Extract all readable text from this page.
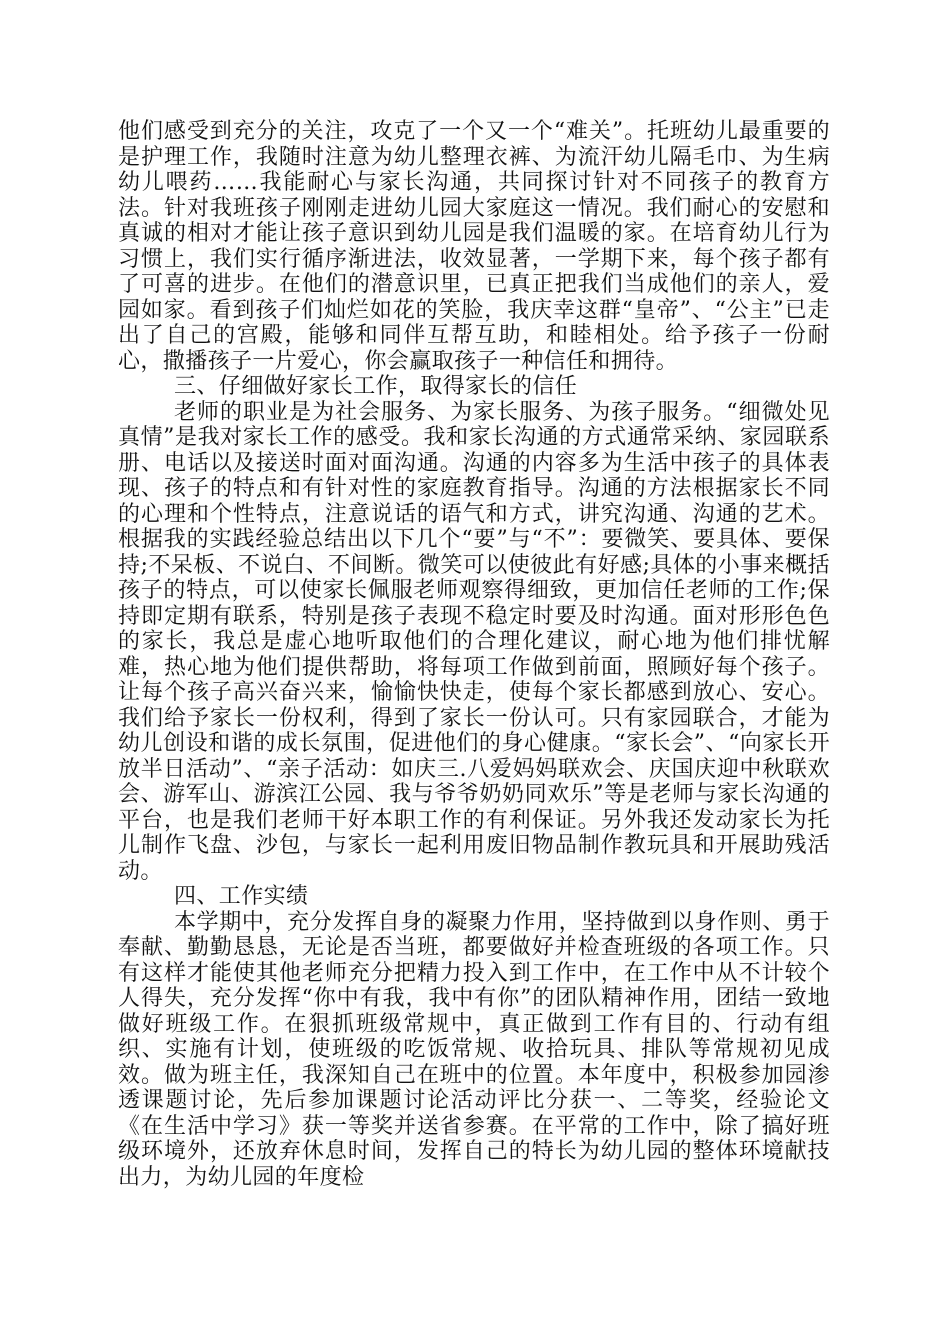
他们感受到充分的关注，攻克了一个又一个“难关”。托班幼儿最重要的是护理工作，我随时注意为幼儿整理衣裤、为流汗幼儿隔毛巾、为生病幼儿喂药……我能耐心与家长沟通，共同探讨针对不同孩子的教育方法。针对我班孩子刚刚走进幼儿园大家庭这一情况。我们耐心的安慰和真诚的相对才能让孩子意识到幼儿园是我们温暖的家。在培育幼儿行为习惯上，我们实行循序渐进法，收效显著，一学期下来，每个孩子都有了可喜的进步。在他们的潜意识里，已真正把我们当成他们的亲人，爱园如家。看到孩子们灿烂如花的笑脸，我庆幸这群“皇帝”、“公主”已走出了自己的宫殿，能够和同伴互帮互助，和睦相处。给予孩子一份耐心，撒播孩子一片爱心，你会赢取孩子一种信任和拥待。

三、仔细做好家长工作，取得家长的信任

老师的职业是为社会服务、为家长服务、为孩子服务。“细微处见真情”是我对家长工作的感受。我和家长沟通的方式通常采纳、家园联系册、电话以及接送时面对面沟通。沟通的内容多为生活中孩子的具体表现、孩子的特点和有针对性的家庭教育指导。沟通的方法根据家长不同的心理和个性特点，注意说话的语气和方式，讲究沟通、沟通的艺术。根据我的实践经验总结出以下几个“要”与“不”：要微笑、要具体、要保持;不呆板、不说白、不间断。微笑可以使彼此有好感;具体的小事来概括孩子的特点，可以使家长佩服老师观察得细致，更加信任老师的工作;保持即定期有联系，特别是孩子表现不稳定时要及时沟通。面对形形色色的家长，我总是虚心地听取他们的合理化建议，耐心地为他们排忧解难，热心地为他们提供帮助，将每项工作做到前面，照顾好每个孩子。让每个孩子高兴奋兴来，愉愉快快走，使每个家长都感到放心、安心。我们给予家长一份权利，得到了家长一份认可。只有家园联合，才能为幼儿创设和谐的成长氛围，促进他们的身心健康。“家长会”、“向家长开放半日活动”、“亲子活动：如庆三.八爱妈妈联欢会、庆国庆迎中秋联欢会、游军山、游滨江公园、我与爷爷奶奶同欢乐”等是老师与家长沟通的平台，也是我们老师干好本职工作的有利保证。另外我还发动家长为托儿制作飞盘、沙包，与家长一起利用废旧物品制作教玩具和开展助残活动。

四、工作实绩

本学期中，充分发挥自身的凝聚力作用，坚持做到以身作则、勇于奉献、勤勤恳恳，无论是否当班，都要做好并检查班级的各项工作。只有这样才能使其他老师充分把精力投入到工作中，在工作中从不计较个人得失，充分发挥“你中有我，我中有你”的团队精神作用，团结一致地做好班级工作。在狠抓班级常规中，真正做到工作有目的、行动有组织、实施有计划，使班级的吃饭常规、收拾玩具、排队等常规初见成效。做为班主任，我深知自己在班中的位置。本年度中，积极参加园渗透课题讨论，先后参加课题讨论活动评比分获一、二等奖，经验论文《在生活中学习》获一等奖并送省参赛。在平常的工作中，除了搞好班级环境外，还放弃休息时间，发挥自己的特长为幼儿园的整体环境献技出力，为幼儿园的年度检
